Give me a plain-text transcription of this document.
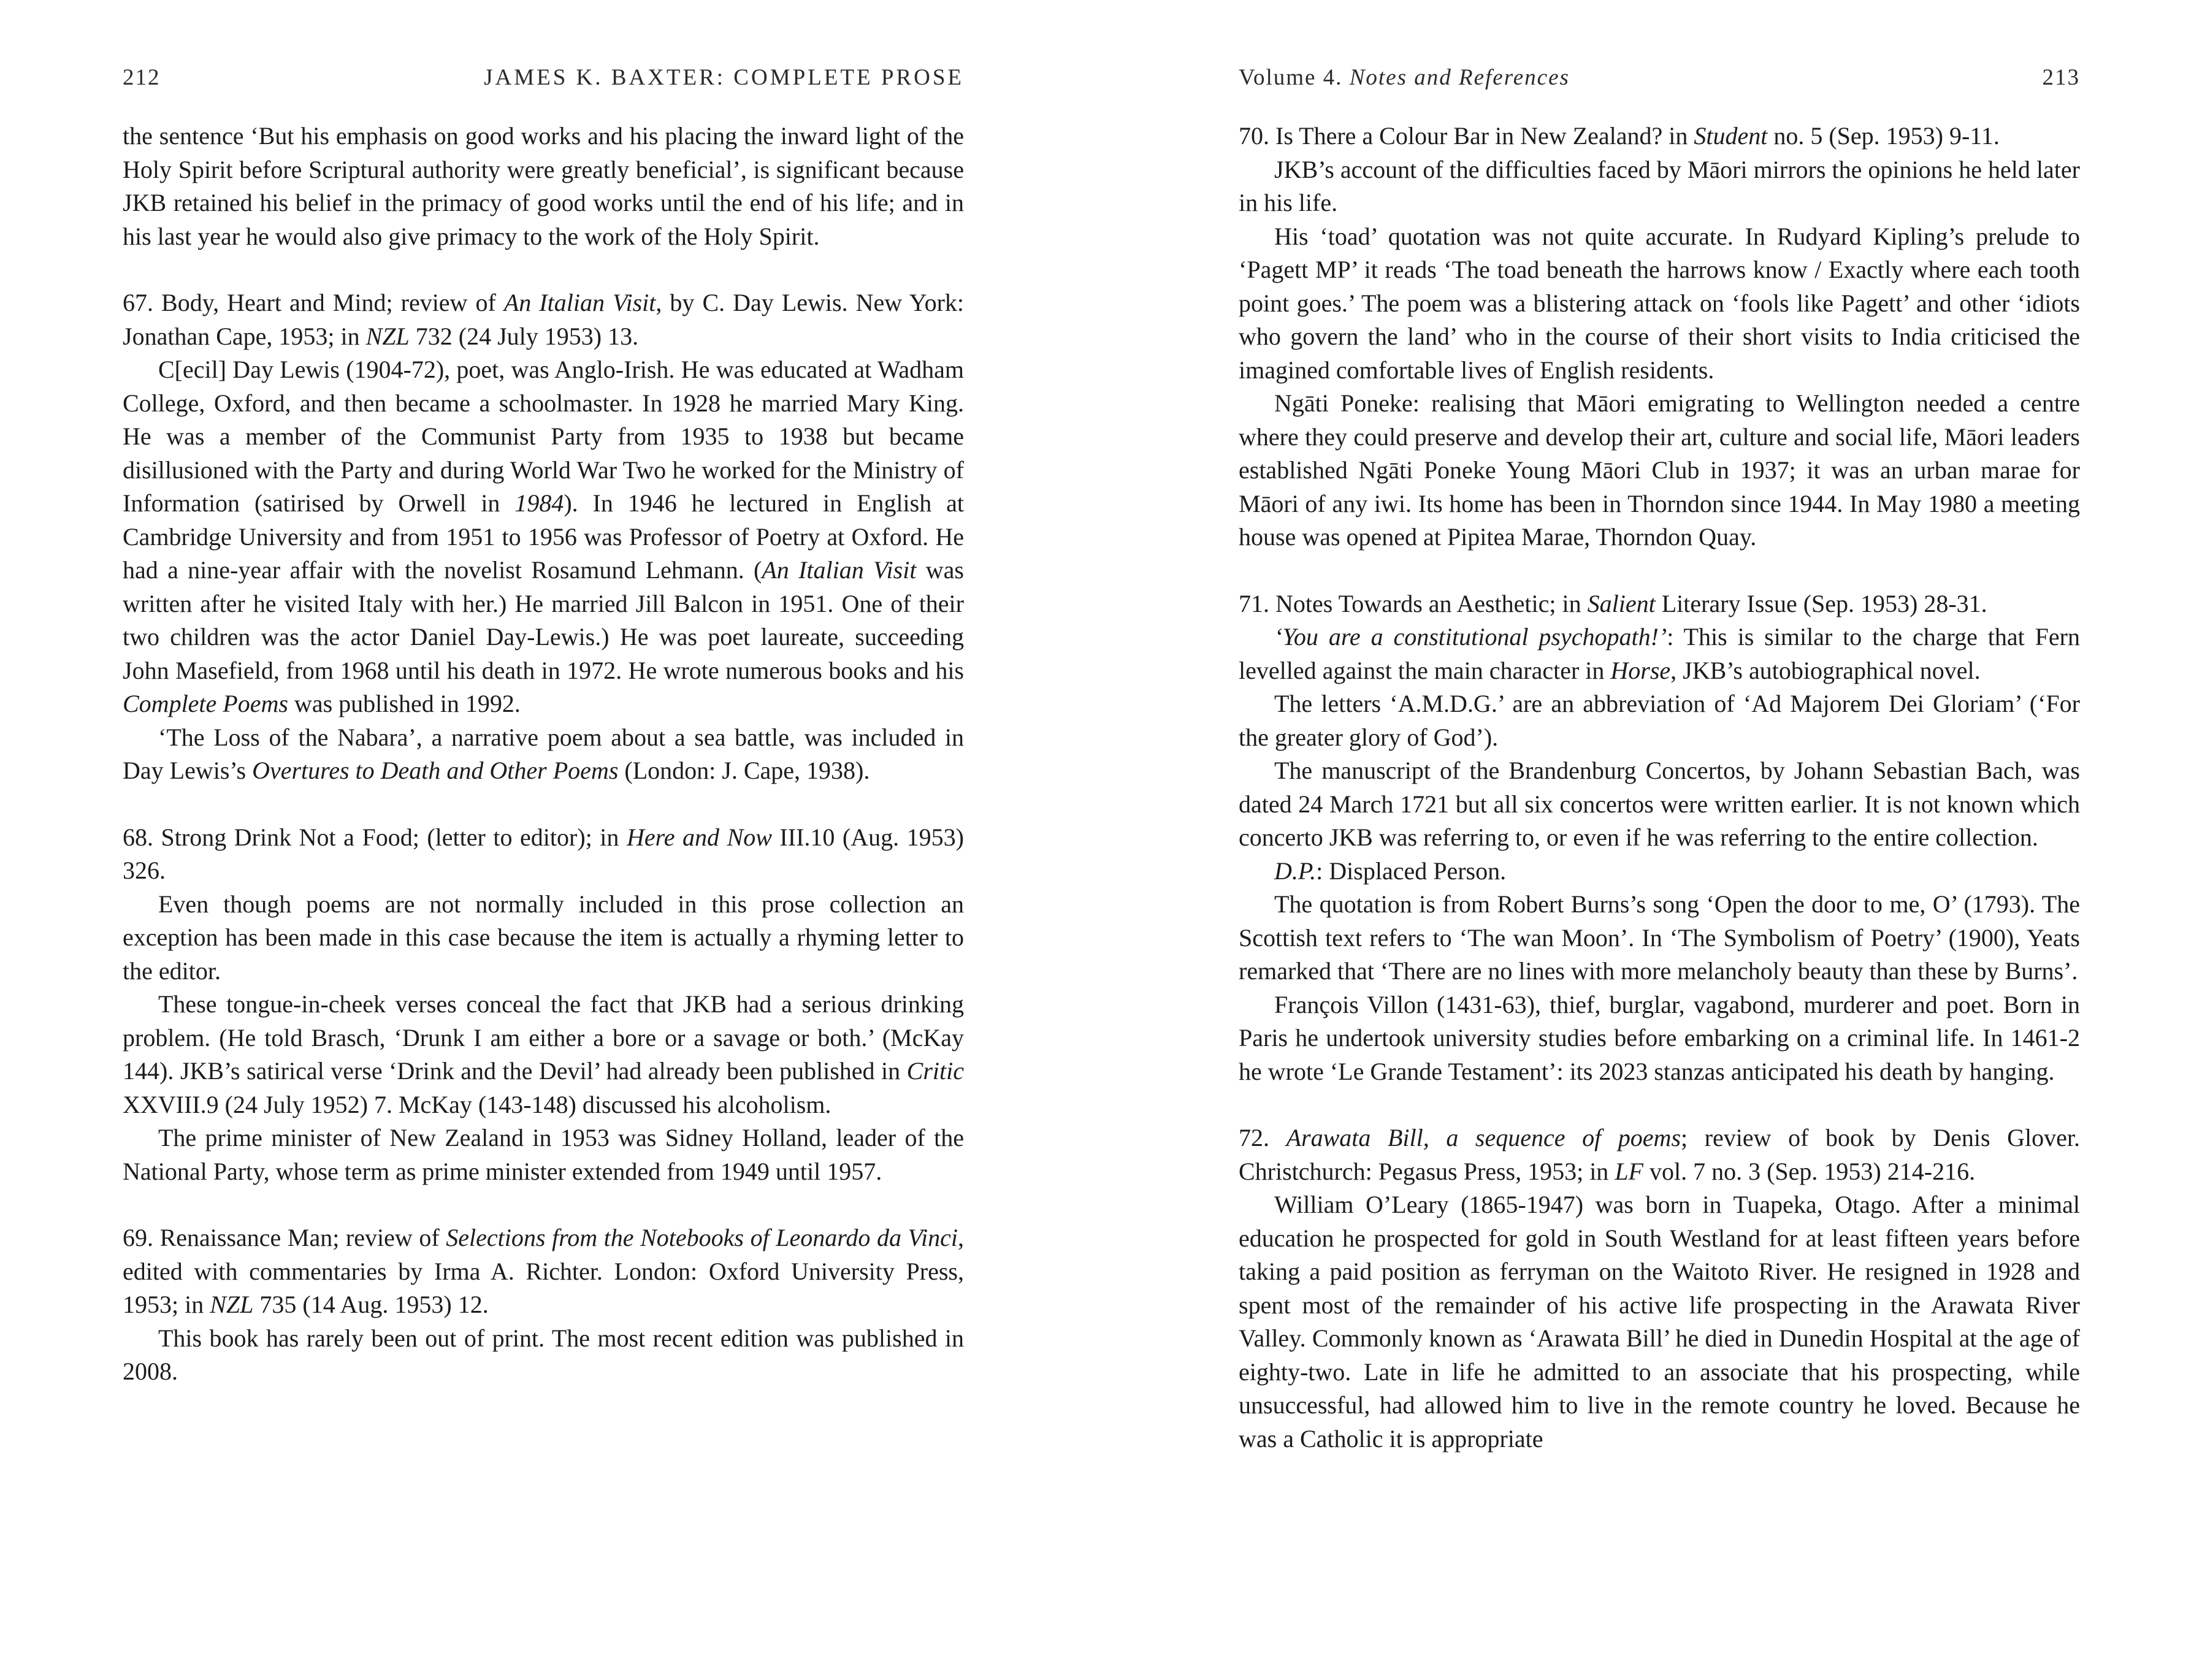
212	JAMES K. BAXTER: COMPLETE PROSE

the sentence ‘But his emphasis on good works and his placing the inward light of the Holy Spirit before Scriptural authority were greatly beneficial’, is significant because JKB retained his belief in the primacy of good works until the end of his life; and in his last year he would also give primacy to the work of the Holy Spirit.

67. Body, Heart and Mind; review of An Italian Visit, by C. Day Lewis. New York: Jonathan Cape, 1953; in NZL 732 (24 July 1953) 13.

C[ecil] Day Lewis (1904-72), poet, was Anglo-Irish. He was educated at Wadham College, Oxford, and then became a schoolmaster. In 1928 he married Mary King. He was a member of the Communist Party from 1935 to 1938 but became disillusioned with the Party and during World War Two he worked for the Ministry of Information (satirised by Orwell in 1984). In 1946 he lectured in English at Cambridge University and from 1951 to 1956 was Professor of Poetry at Oxford. He had a nine-year affair with the novelist Rosamund Lehmann. (An Italian Visit was written after he visited Italy with her.) He married Jill Balcon in 1951. One of their two children was the actor Daniel Day-Lewis.) He was poet laureate, succeeding John Masefield, from 1968 until his death in 1972. He wrote numerous books and his Complete Poems was published in 1992.

‘The Loss of the Nabara’, a narrative poem about a sea battle, was included in Day Lewis’s Overtures to Death and Other Poems (London: J. Cape, 1938).

68. Strong Drink Not a Food; (letter to editor); in Here and Now III.10 (Aug. 1953) 326.

Even though poems are not normally included in this prose collection an exception has been made in this case because the item is actually a rhyming letter to the editor.

These tongue-in-cheek verses conceal the fact that JKB had a serious drinking problem. (He told Brasch, ‘Drunk I am either a bore or a savage or both.’ (McKay 144). JKB’s satirical verse ‘Drink and the Devil’ had already been published in Critic XXVIII.9 (24 July 1952) 7. McKay (143-148) discussed his alcoholism.

The prime minister of New Zealand in 1953 was Sidney Holland, leader of the National Party, whose term as prime minister extended from 1949 until 1957.

69. Renaissance Man; review of Selections from the Notebooks of Leonardo da Vinci, edited with commentaries by Irma A. Richter. London: Oxford University Press, 1953; in NZL 735 (14 Aug. 1953) 12.

This book has rarely been out of print. The most recent edition was published in 2008.

Volume 4. Notes and References	213

70. Is There a Colour Bar in New Zealand? in Student no. 5 (Sep. 1953) 9-11.

JKB’s account of the difficulties faced by Māori mirrors the opinions he held later in his life.

His ‘toad’ quotation was not quite accurate. In Rudyard Kipling’s prelude to ‘Pagett MP’ it reads ‘The toad beneath the harrows know / Exactly where each tooth point goes.’ The poem was a blistering attack on ‘fools like Pagett’ and other ‘idiots who govern the land’ who in the course of their short visits to India criticised the imagined comfortable lives of English residents.

Ngāti Poneke: realising that Māori emigrating to Wellington needed a centre where they could preserve and develop their art, culture and social life, Māori leaders established Ngāti Poneke Young Māori Club in 1937; it was an urban marae for Māori of any iwi. Its home has been in Thorndon since 1944. In May 1980 a meeting house was opened at Pipitea Marae, Thorndon Quay.

71. Notes Towards an Aesthetic; in Salient Literary Issue (Sep. 1953) 28-31.

‘You are a constitutional psychopath!’: This is similar to the charge that Fern levelled against the main character in Horse, JKB’s autobiographical novel.

The letters ‘A.M.D.G.’ are an abbreviation of ‘Ad Majorem Dei Gloriam’ (‘For the greater glory of God’).

The manuscript of the Brandenburg Concertos, by Johann Sebastian Bach, was dated 24 March 1721 but all six concertos were written earlier. It is not known which concerto JKB was referring to, or even if he was referring to the entire collection.

D.P.: Displaced Person.

The quotation is from Robert Burns’s song ‘Open the door to me, O’ (1793). The Scottish text refers to ‘The wan Moon’. In ‘The Symbolism of Poetry’ (1900), Yeats remarked that ‘There are no lines with more melancholy beauty than these by Burns’.

François Villon (1431-63), thief, burglar, vagabond, murderer and poet. Born in Paris he undertook university studies before embarking on a criminal life. In 1461-2 he wrote ‘Le Grande Testament’: its 2023 stanzas anticipated his death by hanging.

72. Arawata Bill, a sequence of poems; review of book by Denis Glover. Christchurch: Pegasus Press, 1953; in LF vol. 7 no. 3 (Sep. 1953) 214-216.

William O’Leary (1865-1947) was born in Tuapeka, Otago. After a minimal education he prospected for gold in South Westland for at least fifteen years before taking a paid position as ferryman on the Waitoto River. He resigned in 1928 and spent most of the remainder of his active life prospecting in the Arawata River Valley. Commonly known as ‘Arawata Bill’ he died in Dunedin Hospital at the age of eighty-two. Late in life he admitted to an associate that his prospecting, while unsuccessful, had allowed him to live in the remote country he loved. Because he was a Catholic it is appropriate
